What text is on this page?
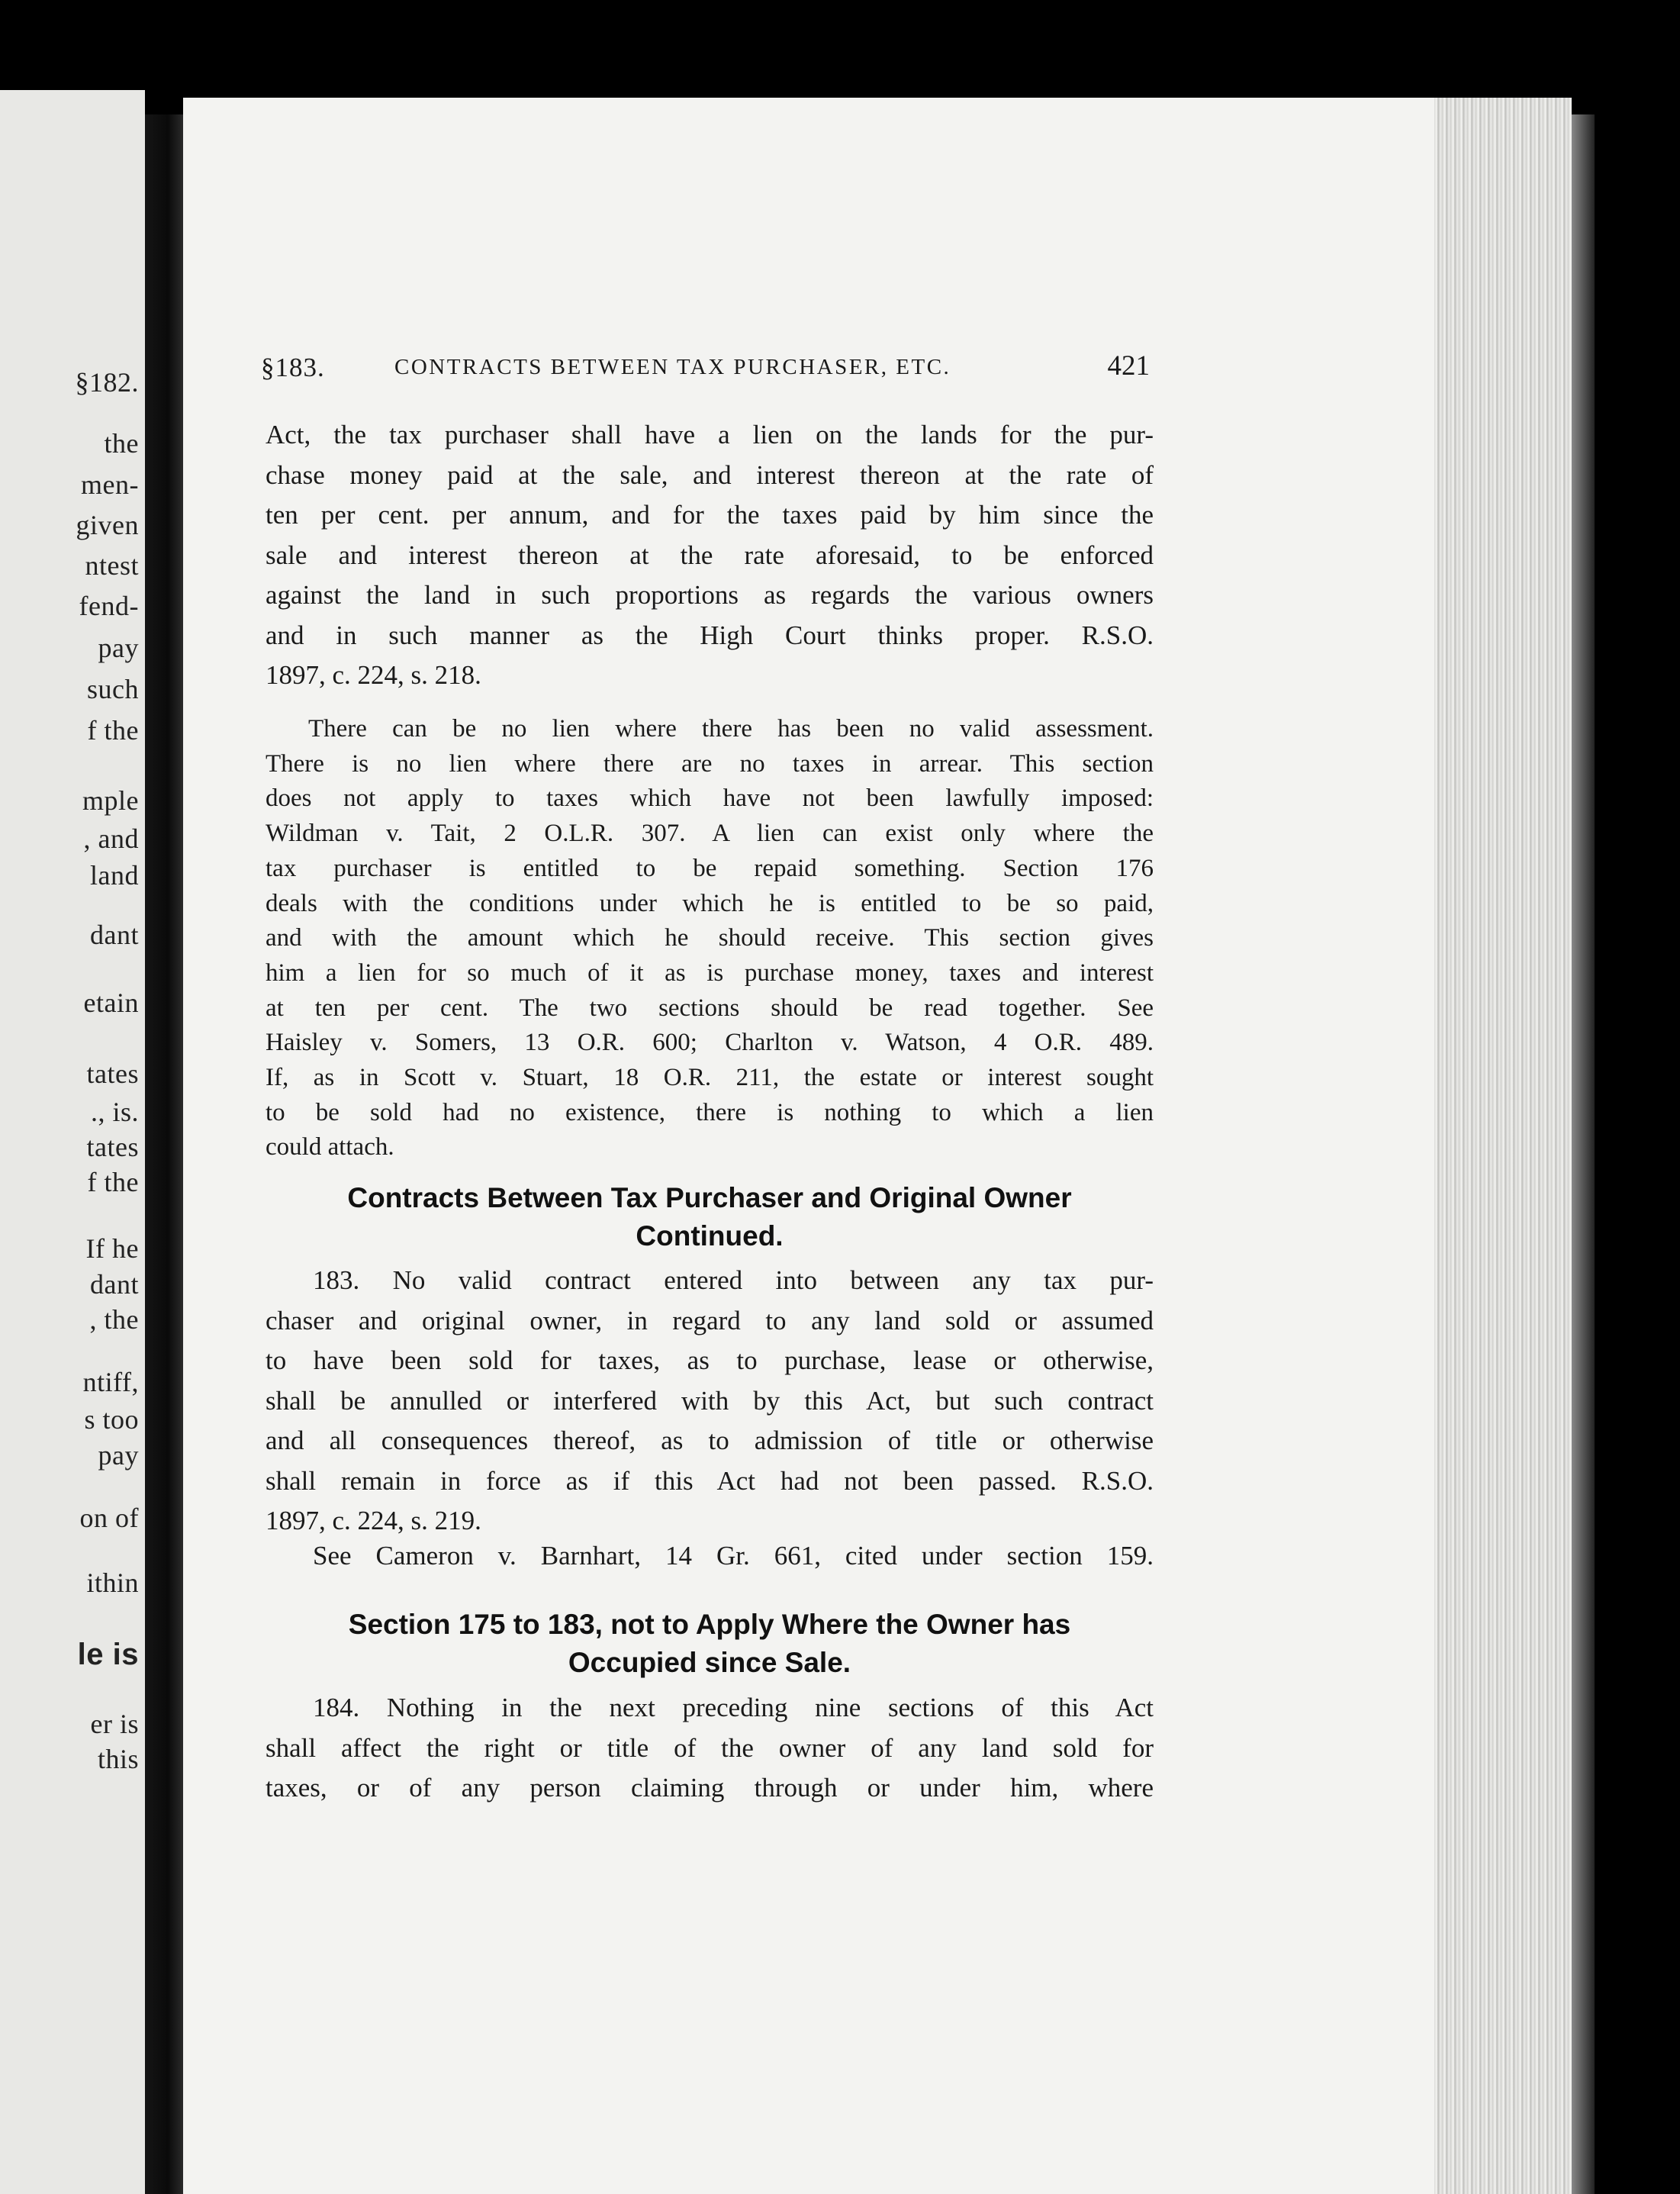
§182.
the
men-
given
ntest
fend-
pay
such
f the
mple
, and
land
dant
etain
tates
., is.
tates
f the
If he
dant
, the
ntiff,
s too
pay
on of
ithin
le is
er is
this
§183.	CONTRACTS BETWEEN TAX PURCHASER, ETC.	421
Act, the tax purchaser shall have a lien on the lands for the pur-
chase money paid at the sale, and interest thereon at the rate of
ten per cent. per annum, and for the taxes paid by him since the
sale and interest thereon at the rate aforesaid, to be enforced
against the land in such proportions as regards the various owners
and in such manner as the High Court thinks proper. R.S.O.
1897, c. 224, s. 218.
There can be no lien where there has been no valid assessment.
There is no lien where there are no taxes in arrear. This section
does not apply to taxes which have not been lawfully imposed:
Wildman v. Tait, 2 O.L.R. 307. A lien can exist only where the
tax purchaser is entitled to be repaid something. Section 176
deals with the conditions under which he is entitled to be so paid,
and with the amount which he should receive. This section gives
him a lien for so much of it as is purchase money, taxes and interest
at ten per cent. The two sections should be read together. See
Haisley v. Somers, 13 O.R. 600; Charlton v. Watson, 4 O.R. 489.
If, as in Scott v. Stuart, 18 O.R. 211, the estate or interest sought
to be sold had no existence, there is nothing to which a lien
could attach.
Contracts Between Tax Purchaser and Original Owner
Continued.
183. No valid contract entered into between any tax pur-
chaser and original owner, in regard to any land sold or assumed
to have been sold for taxes, as to purchase, lease or otherwise,
shall be annulled or interfered with by this Act, but such contract
and all consequences thereof, as to admission of title or otherwise
shall remain in force as if this Act had not been passed. R.S.O.
1897, c. 224, s. 219.
See Cameron v. Barnhart, 14 Gr. 661, cited under section 159.
Section 175 to 183, not to Apply Where the Owner has
Occupied since Sale.
184. Nothing in the next preceding nine sections of this Act
shall affect the right or title of the owner of any land sold for
taxes, or of any person claiming through or under him, where
